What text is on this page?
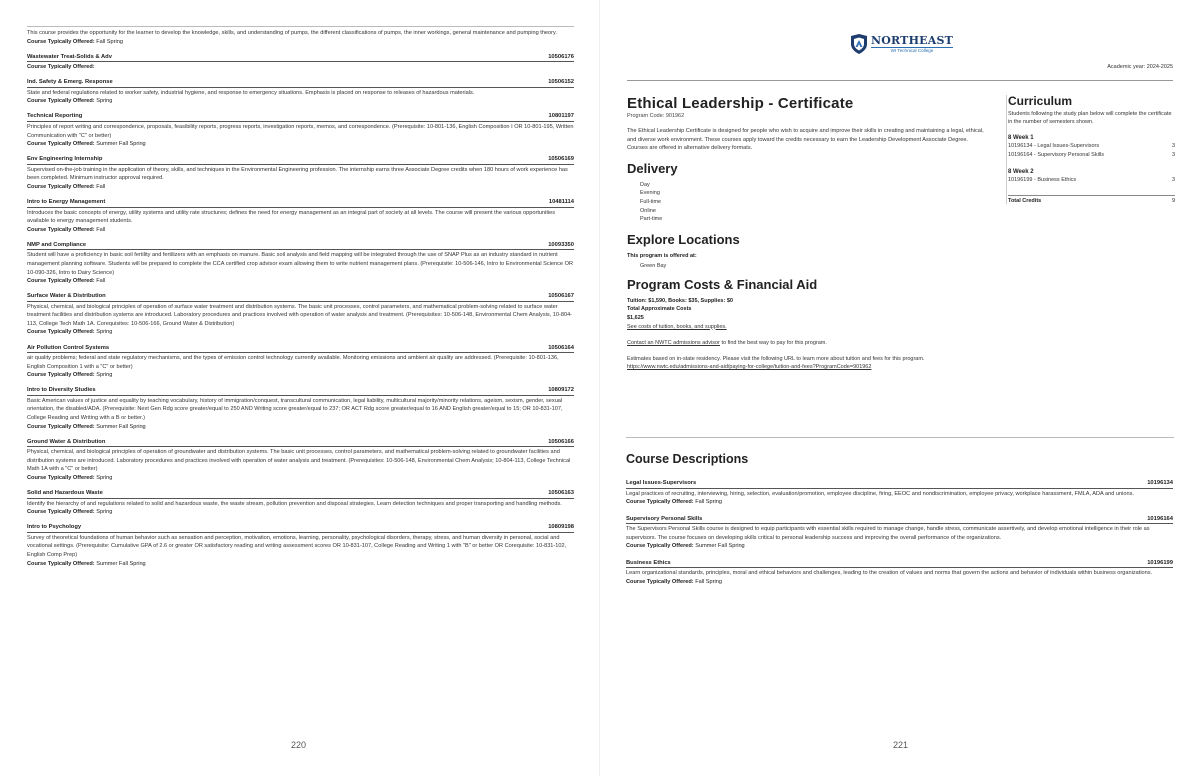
This course provides the opportunity for the learner to develop the knowledge, skills, and understanding of pumps, the different classifications of pumps, the inner workings, general maintenance and pumping theory.
Course Typically Offered: Fall Spring
Wastewater Treat-Solids & Adv	10506176
Course Typically Offered:
Ind. Safety & Emerg. Response	10506152
State and federal regulations related to worker safety, industrial hygiene, and response to emergency situations. Emphasis is placed on response to releases of hazardous materials.
Course Typically Offered: Spring
Technical Reporting	10801197
Principles of report writing and correspondence, proposals, feasibility reports, progress reports, investigation reports, memos, and correspondence. (Prerequisite: 10-801-136, English Composition I OR 10-801-195, Written Communication with "C" or better)
Course Typically Offered: Summer Fall Spring
Env Engineering Internship	10506169
Supervised on-the-job training in the application of theory, skills, and techniques in the Environmental Engineering profession. The internship earns three Associate Degree credits when 180 hours of work experience has been completed. Minimum instructor approval required.
Course Typically Offered: Fall
Intro to Energy Management	10481114
Introduces the basic concepts of energy, utility systems and utility rate structures; defines the need for energy management as an integral part of society at all levels. The course will present the various opportunities available to energy management students.
Course Typically Offered: Fall
NMP and Compliance	10093350
Student will have a proficiency in basic soil fertility and fertilizers with an emphasis on manure. Basic soil analysis and field mapping will be integrated through the use of SNAP Plus as an industry standard in nutrient management planning software. Students will be prepared to complete the CCA certified crop advisor exam allowing them to write nutrient management plans. (Prerequisite: 10-506-146, Intro to Environmental Science OR 10-090-326, Intro to Dairy Science)
Course Typically Offered: Fall
Surface Water & Distribution	10506167
Physical, chemical, and biological principles of operation of surface water treatment and distribution systems. The basic unit processes, control parameters, and mathematical problem-solving related to surface water treatment facilities and distribution systems are introduced. Laboratory procedures and practices involved with operation of water analysis and treatment. (Prerequisites: 10-506-148, Environmental Chem Analysis, 10-804-113, College Tech Math 1A. Corequisites: 10-506-166, Ground Water & Distribution)
Course Typically Offered: Spring
Air Pollution Control Systems	10506164
air quality problems; federal and state regulatory mechanisms, and the types of emission control technology currently available. Monitoring emissions and ambient air quality are addressed. (Prerequisite: 10-801-136, English Composition 1 with a "C" or better)
Course Typically Offered: Spring
Intro to Diversity Studies	10809172
Basic American values of justice and equality by teaching vocabulary, history of immigration/conquest, transcultural communication, legal liability, multicultural majority/minority relations, ageism, sexism, gender, sexual orientation, the disabled/ADA. (Prerequisite: Next Gen Rdg score greater/equal to 250 AND Writing score greater/equal to 237; OR ACT Rdg score greater/equal to 16 AND English greater/equal to 15; OR 10-831-107, College Reading and Writing with a B or better.)
Course Typically Offered: Summer Fall Spring
Ground Water & Distribution	10506166
Physical, chemical, and biological principles of operation of groundwater and distribution systems. The basic unit processes, control parameters, and mathematical problem-solving related to groundwater facilities and distribution systems are introduced. Laboratory procedures and practices involved with operation of water analysis and treatment. (Prerequisites: 10-506-148, Environmental Chem Analysis; 10-804-113, College Technical Math 1A with a "C" or better)
Course Typically Offered: Spring
Solid and Hazardous Waste	10506163
Identify the hierarchy of and regulations related to solid and hazardous waste, the waste stream, pollution prevention and disposal strategies. Learn detection techniques and proper transporting and handling methods.
Course Typically Offered: Spring
Intro to Psychology	10809198
Survey of theoretical foundations of human behavior such as sensation and perception, motivation, emotions, learning, personality, psychological disorders, therapy, stress, and human diversity in personal, social and vocational settings. (Prerequisite: Cumulative GPA of 2.6 or greater OR satisfactory reading and writing assessment scores OR 10-831-107, College Reading and Writing 1 with "B" or better OR Corequisite: 10-831-102, English Comp Prep)
Course Typically Offered: Summer Fall Spring
220
NORTHEAST
WI Technical College
Academic year: 2024-2025
Ethical Leadership - Certificate
Program Code: 901962
The Ethical Leadership Certificate is designed for people who wish to acquire and improve their skills in creating and maintaining a legal, ethical, and diverse work environment. These courses apply toward the credits necessary to earn the Leadership Development Associate Degree. Courses are offered in alternative delivery formats.
Delivery
Day
Evening
Full-time
Online
Part-time
Explore Locations
This program is offered at:
Green Bay
Program Costs & Financial Aid
Tuition: $1,590, Books: $35, Supplies: $0
Total Approximate Costs
$1,625
See costs of tuition, books, and supplies.
Contact an NWTC admissions advisor to find the best way to pay for this program.
Estimates based on in-state residency. Please visit the following URL to learn more about tuition and fees for this program.
https://www.nwtc.edu/admissions-and-aid/paying-for-college/tuition-and-fees?ProgramCode=901962
Curriculum
Students following the study plan below will complete the certificate in the number of semesters shown.
8 Week 1
10196134 - Legal Issues-Supervisors	3
10196164 - Supervisory Personal Skills	3
8 Week 2
10196199 - Business Ethics	3
Total Credits	9
Course Descriptions
Legal Issues-Supervisors	10196134
Legal practices of recruiting, interviewing, hiring, selection, evaluation/promotion, employee discipline, firing, EEOC and nondiscrimination, employee privacy, workplace harassment, FMLA, ADA and unions.
Course Typically Offered: Fall Spring
Supervisory Personal Skills	10196164
The Supervisors Personal Skills course is designed to equip participants with essential skills required to manage change, handle stress, communicate assertively, and develop emotional intelligence in their role as supervisors. The course focuses on developing skills critical to personal leadership success and improving the overall performance of the organizations.
Course Typically Offered: Summer Fall Spring
Business Ethics	10196199
Learn organizational standards, principles, moral and ethical behaviors and challenges, leading to the creation of values and norms that govern the actions and behavior of individuals within business organizations.
Course Typically Offered: Fall Spring
221
